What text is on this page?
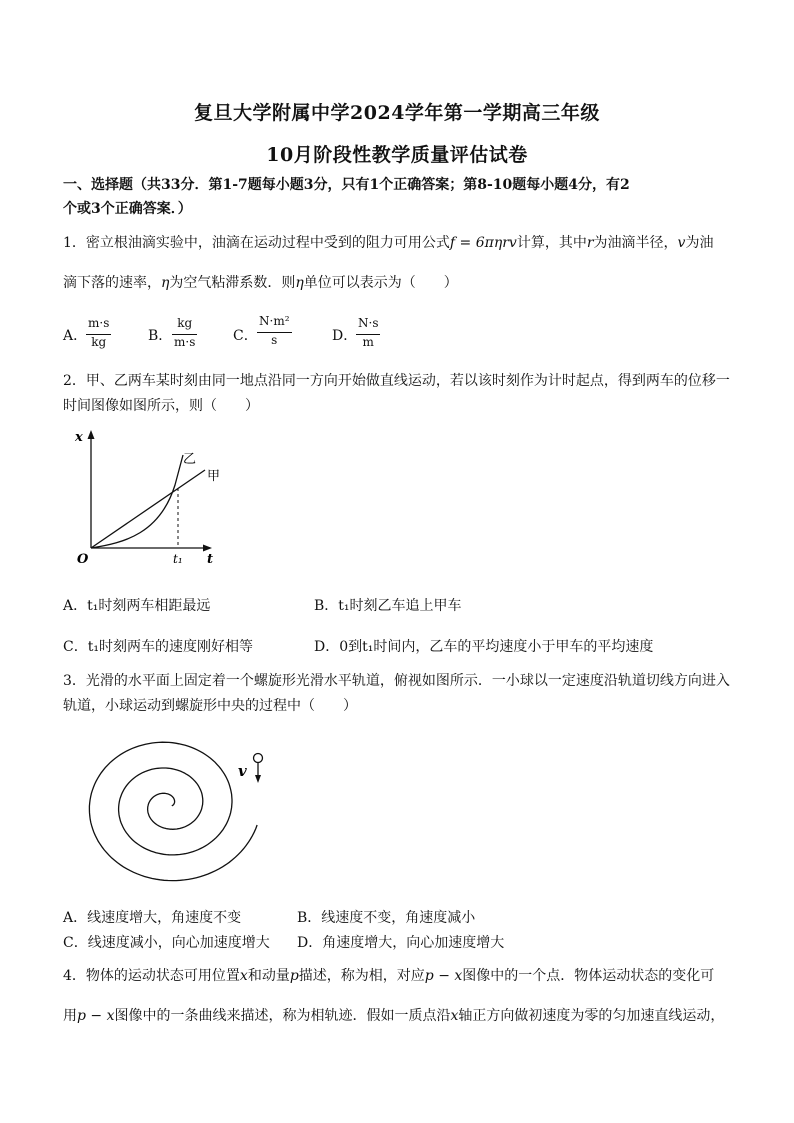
复旦大学附属中学2024学年第一学期高三年级
10月阶段性教学质量评估试卷
一、选择题（共33分．第1-7题每小题3分，只有1个正确答案；第8-10题每小题4分，有2
个或3个正确答案．）
1．密立根油滴实验中，油滴在运动过程中受到的阻力可用公式f = 6πηrv计算，其中r为油滴半径，v为油
滴下落的速率，η为空气粘滞系数．则η单位可以表示为（　　）
A．
$\frac{m\cdot s}{kg}$	B． $\frac{kg}{m\cdot s}$	C． $\frac{\text{N·m²}}{s}$	D．
$\frac{N\cdot s}{m}$
2．甲、乙两车某时刻由同一地点沿同一方向开始做直线运动，若以该时刻作为计时起点，得到两车的位移一
时间图像如图所示，则（　　）
x
t
O	t₁
甲
乙
A．t₁时刻两车相距最远	B．t₁时刻乙车追上甲车
C．t₁时刻两车的速度刚好相等	D．0到t₁时间内，乙车的平均速度小于甲车的平均速度
3．光滑的水平面上固定着一个螺旋形光滑水平轨道，俯视如图所示．一小球以一定速度沿轨道切线方向进入
轨道，小球运动到螺旋形中央的过程中（　　）
v
A．线速度增大，角速度不变	B．线速度不变，角速度减小
C．线速度减小，向心加速度增大 D．角速度增大，向心加速度增大
4．物体的运动状态可用位置x和动量p描述，称为相，对应p − x图像中的一个点．物体运动状态的变化可
用p − x图像中的一条曲线来描述，称为相轨迹．假如一质点沿x轴正方向做初速度为零的匀加速直线运动，
